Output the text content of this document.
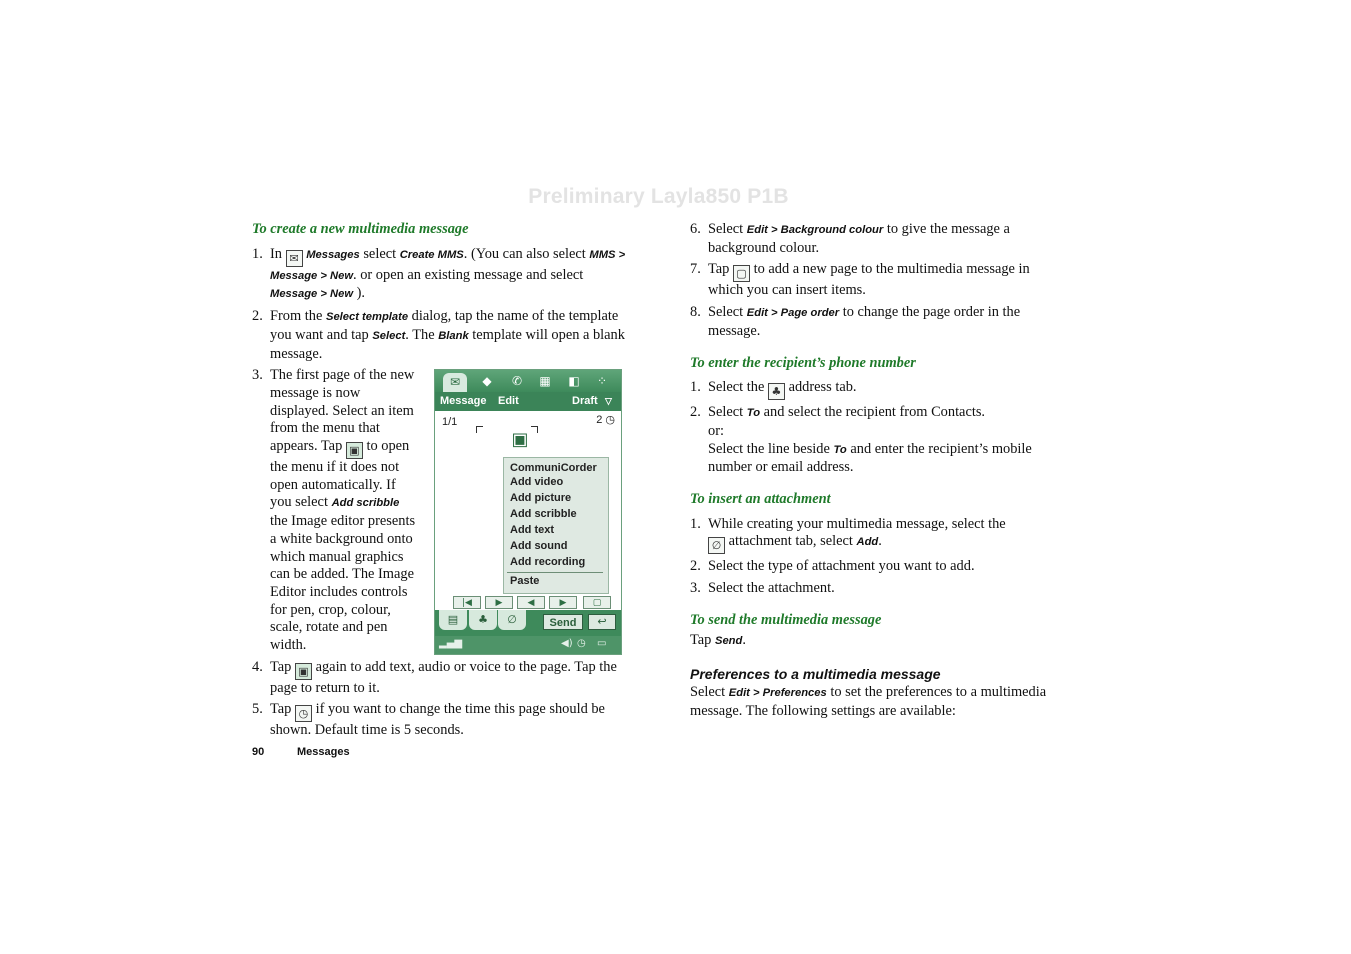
Preliminary Layla850 P1B

To create a new multimedia message

1. In ✉ Messages select Create MMS. (You can also select MMS > Message > New. or open an existing message and select Message > New ).
2. From the Select template dialog, tap the name of the template you want and tap Select. The Blank template will open a blank message.
3. The first page of the new message is now displayed. Select an item from the menu that appears. Tap ▣ to open the menu if it does not open automatically. If you select Add scribble the Image editor presents a white background onto which manual graphics can be added. The Image Editor includes controls for pen, crop, colour, scale, rotate and pen width.
4. Tap ▣ again to add text, audio or voice to the page. Tap the page to return to it.
5. Tap ◷ if you want to change the time this page should be shown. Default time is 5 seconds.
✉	◆	✆	▦	◧	⁘
Message Edit	Draft ▽
1/1	2 ◷
▣
CommuniCorder
Add video
Add picture
Add scribble
Add text
Add sound
Add recording
Paste
|◀	▶	◀	▶	▢
▤	♣	∅	Send	↩
▂▄▆	◀) ◷ ▭
6. Select Edit > Background colour to give the message a background colour.
7. Tap ▢ to add a new page to the multimedia message in which you can insert items.
8. Select Edit > Page order to change the page order in the message.

To enter the recipient’s phone number

1. Select the ♣ address tab.
2. Select To and select the recipient from Contacts.
or:
Select the line beside To and enter the recipient’s mobile number or email address.

To insert an attachment

1. While creating your multimedia message, select the
∅ attachment tab, select Add.
2. Select the type of attachment you want to add.
3. Select the attachment.

To send the multimedia message

Tap Send.

Preferences to a multimedia message

Select Edit > Preferences to set the preferences to a multimedia message. The following settings are available:
90	Messages
